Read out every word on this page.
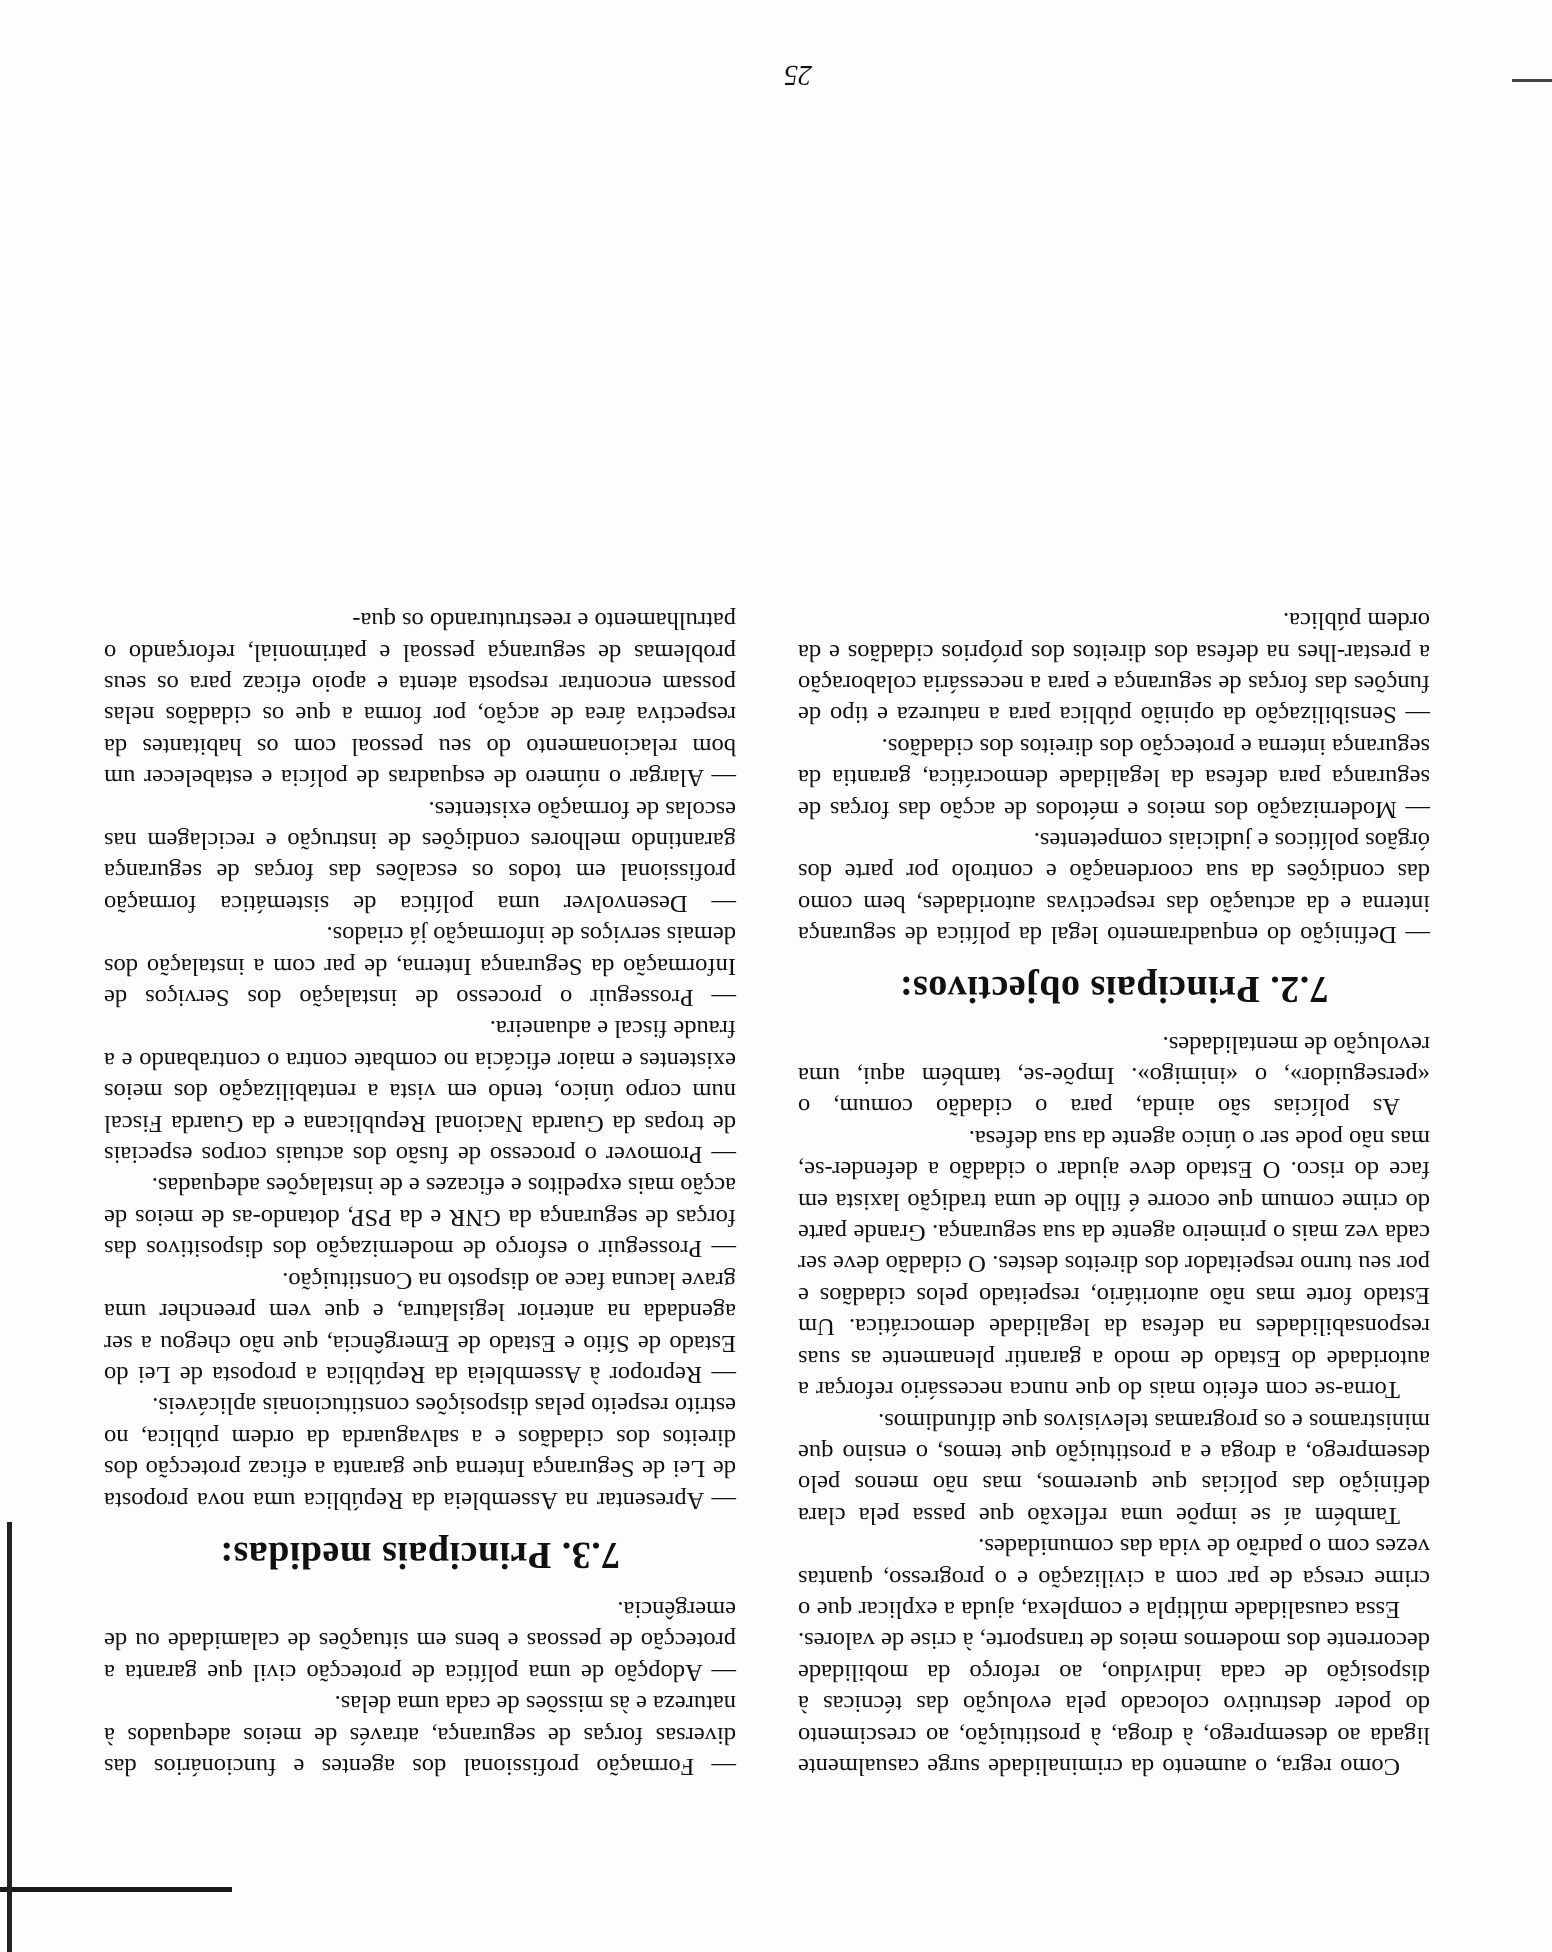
Como regra, o aumento da criminalidade surge casualmente ligada ao desemprego, à droga, à prostituição, ao crescimento do poder destrutivo colocado pela evolução das técnicas à disposição de cada indivíduo, ao reforço da mobilidade decorrente dos modernos meios de transporte, à crise de valores.

Essa causalidade múltipla e complexa, ajuda a explicar que o crime cresça de par com a civilização e o progresso, quantas vezes com o padrão de vida das comunidades.

Também aí se impõe uma reflexão que passa pela clara definição das polícias que queremos, mas não menos pelo desemprego, a droga e a prostituição que temos, o ensino que ministramos e os programas televisivos que difundimos.

Torna-se com efeito mais do que nunca necessário reforçar a autoridade do Estado de modo a garantir plenamente as suas responsabilidades na defesa da legalidade democrática. Um Estado forte mas não autoritário, respeitado pelos cidadãos e por seu turno respeitador dos direitos destes. O cidadão deve ser cada vez mais o primeiro agente da sua segurança. Grande parte do crime comum que ocorre é filho de uma tradição laxista em face do risco. O Estado deve ajudar o cidadão a defender-se, mas não pode ser o único agente da sua defesa.

As polícias são ainda, para o cidadão comum, o «perseguidor», o «inimigo». Impõe-se, também aqui, uma revolução de mentalidades.

7.2. Principais objectivos:

— Definição do enquadramento legal da política de segurança interna e da actuação das respectivas autoridades, bem como das condições da sua coordenação e controlo por parte dos órgãos políticos e judiciais competentes.

— Modernização dos meios e métodos de acção das forças de segurança para defesa da legalidade democrática, garantia da segurança interna e protecção dos direitos dos cidadãos.

— Sensibilização da opinião pública para a natureza e tipo de funções das forças de segurança e para a necessária colaboração a prestar-lhes na defesa dos direitos dos próprios cidadãos e da ordem pública.

— Formação profissional dos agentes e funcionários das diversas forças de segurança, através de meios adequados à natureza e às missões de cada uma delas.

— Adopção de uma política de protecção civil que garanta a protecção de pessoas e bens em situações de calamidade ou de emergência.

7.3. Principais medidas:

— Apresentar na Assembleia da República uma nova proposta de Lei de Segurança Interna que garanta a eficaz protecção dos direitos dos cidadãos e a salvaguarda da ordem pública, no estrito respeito pelas disposições constitucionais aplicáveis.

— Repropor à Assembleia da República a proposta de Lei do Estado de Sítio e Estado de Emergência, que não chegou a ser agendada na anterior legislatura, e que vem preencher uma grave lacuna face ao disposto na Constituição.

— Prosseguir o esforço de modernização dos dispositivos das forças de segurança da GNR e da PSP, dotando-as de meios de acção mais expeditos e eficazes e de instalações adequadas.

— Promover o processo de fusão dos actuais corpos especiais de tropas da Guarda Nacional Republicana e da Guarda Fiscal num corpo único, tendo em vista a rentabilização dos meios existentes e maior eficácia no combate contra o contrabando e a fraude fiscal e aduaneira.

— Prosseguir o processo de instalação dos Serviços de Informação da Segurança Interna, de par com a instalação dos demais serviços de informação já criados.

— Desenvolver uma política de sistemática formação profissional em todos os escalões das forças de segurança garantindo melhores condições de instrução e reciclagem nas escolas de formação existentes.

— Alargar o número de esquadras de polícia e estabelecer um bom relacionamento do seu pessoal com os habitantes da respectiva área de acção, por forma a que os cidadãos nelas possam encontrar resposta atenta e apoio eficaz para os seus problemas de segurança pessoal e patrimonial, reforçando o patrulhamento e reestruturando os qua-

25
